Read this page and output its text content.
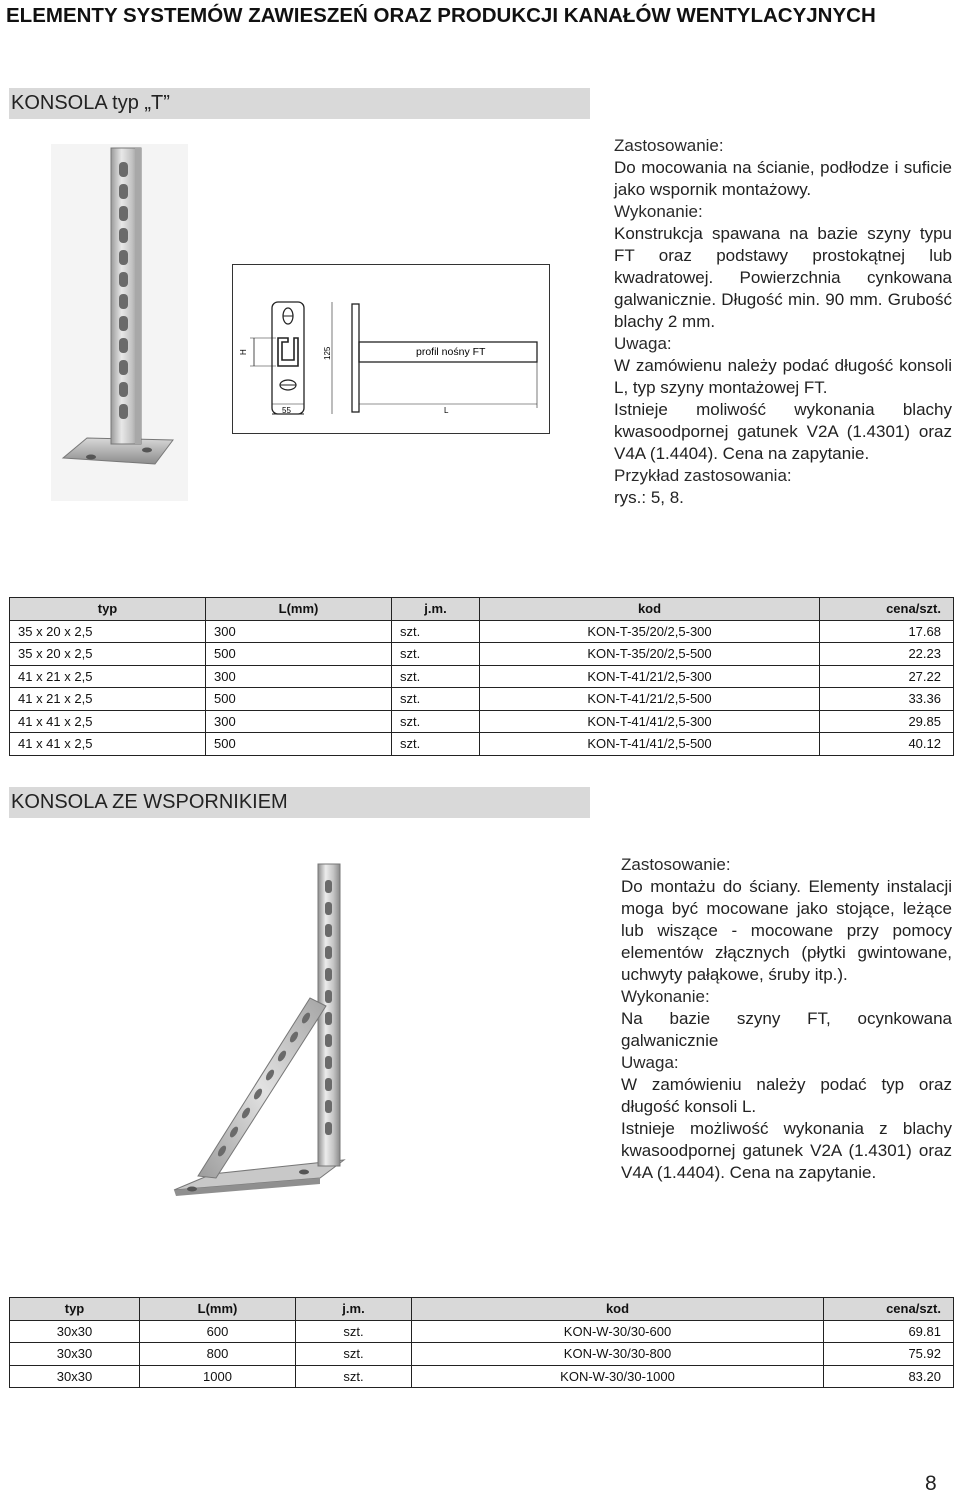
ELEMENTY SYSTEMÓW ZAWIESZEŃ ORAZ PRODUKCJI KANAŁÓW WENTYLACYJNYCH
KONSOLA typ „T”
H
55
125	profil nośny FT
L
Zastosowanie:
Do mocowania na ścianie, podłodze i suficie jako wspornik montażowy.
Wykonanie:
Konstrukcja spawana na bazie szyny typu FT oraz podstawy prostokątnej lub kwadratowej. Powierzchnia cynkowana galwanicznie. Długość min. 90 mm. Grubość blachy 2 mm.
Uwaga:
W zamówienu należy podać długość konsoli L, typ szyny montażowej FT.
Istnieje moliwość wykonania blachy kwasoodpornej gatunek V2A (1.4301) oraz V4A (1.4404). Cena na zapytanie.
Przykład zastosowania:
rys.: 5, 8.
typ	L(mm)	j.m.	kod	cena/szt.
35 x 20 x 2,5	300	szt.	KON-T-35/20/2,5-300	17.68
35 x 20 x 2,5	500	szt.	KON-T-35/20/2,5-500	22.23
41 x 21 x 2,5	300	szt.	KON-T-41/21/2,5-300	27.22
41 x 21 x 2,5	500	szt.	KON-T-41/21/2,5-500	33.36
41 x 41 x 2,5	300	szt.	KON-T-41/41/2,5-300	29.85
41 x 41 x 2,5	500	szt.	KON-T-41/41/2,5-500	40.12
KONSOLA ZE WSPORNIKIEM
Zastosowanie:
Do montażu do ściany. Elementy instalacji moga być mocowane jako stojące, leżące lub wiszące - mocowane przy pomocy elementów złącznych (płytki gwintowane, uchwyty pałąkowe, śruby itp.).
Wykonanie:
Na bazie szyny FT, ocynkowana galwanicznie
Uwaga:
W zamówieniu należy podać typ oraz długość konsoli L.
Istnieje możliwość wykonania z blachy kwasoodpornej gatunek V2A (1.4301) oraz V4A (1.4404). Cena na zapytanie.
typ	L(mm)	j.m.	kod	cena/szt.
30x30	600	szt.	KON-W-30/30-600	69.81
30x30	800	szt.	KON-W-30/30-800	75.92
30x30	1000	szt.	KON-W-30/30-1000	83.20
8
